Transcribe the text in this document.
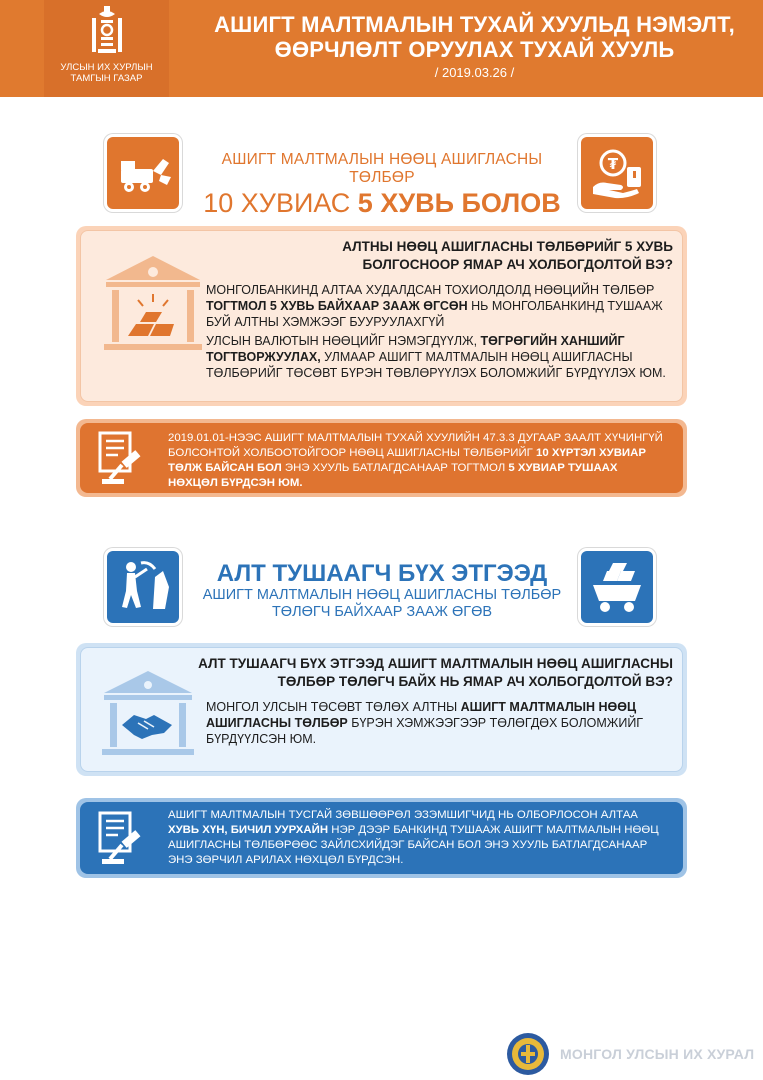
УЛСЫН ИХ ХУРЛЫН
ТАМГЫН ГАЗАР
АШИГТ МАЛТМАЛЫН ТУХАЙ ХУУЛЬД НЭМЭЛТ,
ӨӨРЧЛӨЛТ ОРУУЛАХ ТУХАЙ ХУУЛЬ
/ 2019.03.26 /
АШИГТ МАЛТМАЛЫН НӨӨЦ АШИГЛАСНЫ ТӨЛБӨР
10 ХУВИАС 5 ХУВЬ БОЛОВ
₮
АЛТНЫ НӨӨЦ АШИГЛАСНЫ ТӨЛБӨРИЙГ 5 ХУВЬ
БОЛГОСНООР ЯМАР АЧ ХОЛБОГДОЛТОЙ ВЭ?
МОНГОЛБАНКИНД АЛТАА ХУДАЛДСАН ТОХИОЛДОЛД НӨӨЦИЙН ТӨЛБӨР ТОГТМОЛ 5 ХУВЬ БАЙХААР ЗААЖ ӨГСӨН НЬ МОНГОЛБАНКИНД ТУШААЖ БУЙ АЛТНЫ ХЭМЖЭЭГ БУУРУУЛАХГҮЙ
УЛСЫН ВАЛЮТЫН НӨӨЦИЙГ НЭМЭГДҮҮЛЖ, ТӨГРӨГИЙН ХАНШИЙГ ТОГТВОРЖУУЛАХ, УЛМААР АШИГТ МАЛТМАЛЫН НӨӨЦ АШИГЛАСНЫ ТӨЛБӨРИЙГ ТӨСӨВТ БҮРЭН ТӨВЛӨРҮҮЛЭХ БОЛОМЖИЙГ БҮРДҮҮЛЭХ ЮМ.
2019.01.01-НЭЭС АШИГТ МАЛТМАЛЫН ТУХАЙ ХУУЛИЙН 47.3.3 ДУГААР ЗААЛТ ХҮЧИНГҮЙ БОЛСОНТОЙ ХОЛБООТОЙГООР НӨӨЦ АШИГЛАСНЫ ТӨЛБӨРИЙГ 10 ХҮРТЭЛ ХУВИАР ТӨЛЖ БАЙСАН БОЛ ЭНЭ ХУУЛЬ БАТЛАГДСАНААР ТОГТМОЛ 5 ХУВИАР ТУШААХ НӨХЦӨЛ БҮРДСЭН ЮМ.
АЛТ ТУШААГЧ БҮХ ЭТГЭЭД
АШИГТ МАЛТМАЛЫН НӨӨЦ АШИГЛАСНЫ ТӨЛБӨР
ТӨЛӨГЧ БАЙХААР ЗААЖ ӨГӨВ
АЛТ ТУШААГЧ БҮХ ЭТГЭЭД АШИГТ МАЛТМАЛЫН НӨӨЦ АШИГЛАСНЫ
ТӨЛБӨР ТӨЛӨГЧ БАЙХ НЬ ЯМАР АЧ ХОЛБОГДОЛТОЙ ВЭ?
МОНГОЛ УЛСЫН ТӨСӨВТ ТӨЛӨХ АЛТНЫ АШИГТ МАЛТМАЛЫН НӨӨЦ АШИГЛАСНЫ ТӨЛБӨР БҮРЭН ХЭМЖЭЭГЭЭР ТӨЛӨГДӨХ БОЛОМЖИЙГ БҮРДҮҮЛСЭН ЮМ.
АШИГТ МАЛТМАЛЫН ТУСГАЙ ЗӨВШӨӨРӨЛ ЭЗЭМШИГЧИД НЬ ОЛБОРЛОСОН АЛТАА ХУВЬ ХҮН, БИЧИЛ УУРХАЙН НЭР ДЭЭР БАНКИНД ТУШААЖ АШИГТ МАЛТМАЛЫН НӨӨЦ АШИГЛАСНЫ ТӨЛБӨРӨӨС ЗАЙЛСХИЙДЭГ БАЙСАН БОЛ ЭНЭ ХУУЛЬ БАТЛАГДСАНААР ЭНЭ ЗӨРЧИЛ АРИЛАХ НӨХЦӨЛ БҮРДСЭН.
МОНГОЛ УЛСЫН ИХ ХУРАЛ
